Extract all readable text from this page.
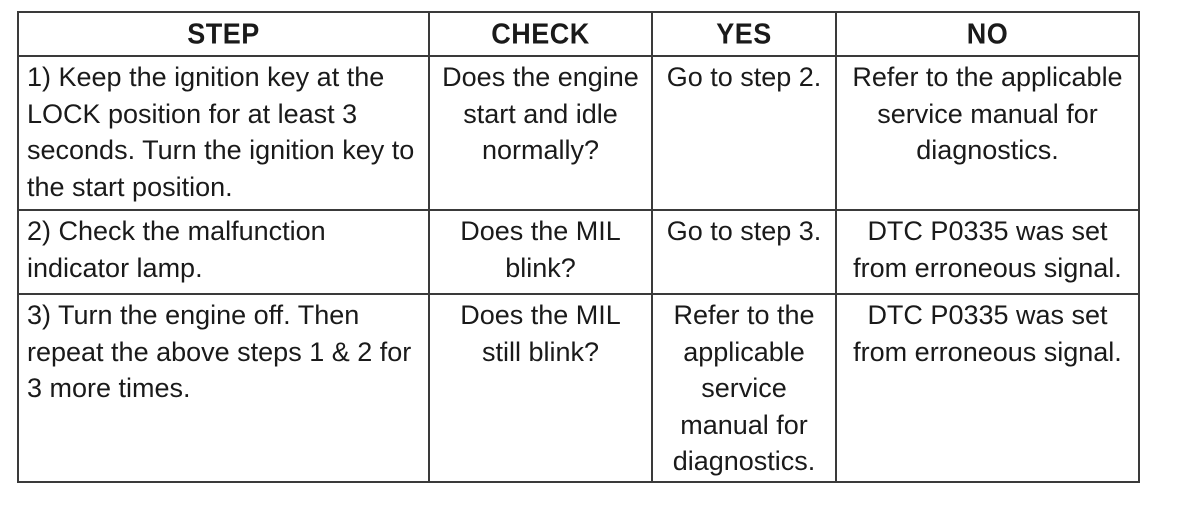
STEP	CHECK	YES	NO
1) Keep the ignition key at the LOCK position for at least 3 seconds. Turn the ignition key to the start position.	Does the engine start and idle normally?	Go to step 2.	Refer to the applicable service manual for diagnostics.
2) Check the malfunction indicator lamp.	Does the MIL blink?	Go to step 3.	DTC P0335 was set from erroneous signal.
3) Turn the engine off. Then repeat the above steps 1 & 2 for 3 more times.	Does the MIL still blink?	Refer to the applicable service manual for diagnostics.	DTC P0335 was set from erroneous signal.
